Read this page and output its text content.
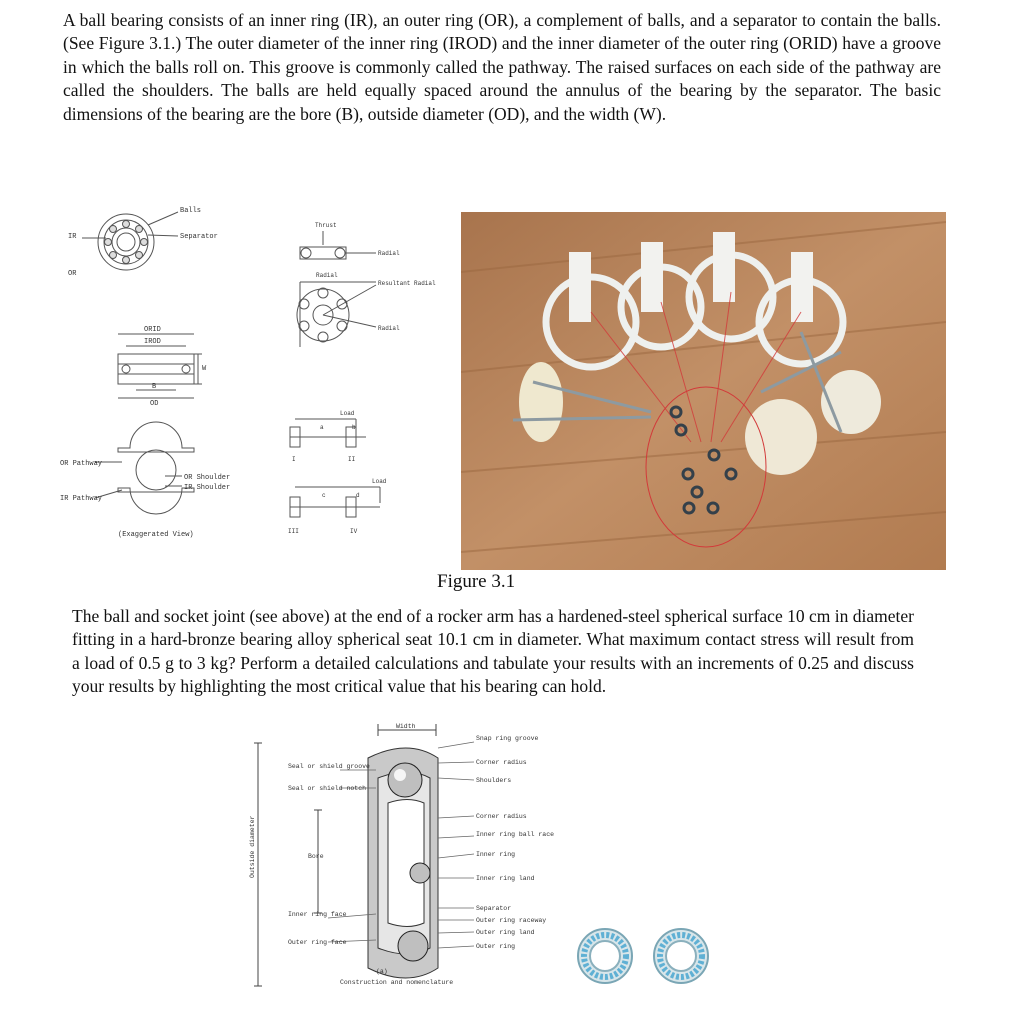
A ball bearing consists of an inner ring (IR), an outer ring (OR), a complement of balls, and a separator to contain the balls. (See Figure 3.1.) The outer diameter of the inner ring (IROD) and the inner diameter of the outer ring (ORID) have a groove in which the balls roll on. This groove is commonly called the pathway. The raised surfaces on each side of the pathway are called the shoulders. The balls are held equally spaced around the annulus of the bearing by the separator. The basic dimensions of the bearing are the bore (B), outside diameter (OD), and the width (W).

Balls
Separator
IR
OR
ORID
IROD
W
B
OD
OR Pathway
OR Shoulder
IR Shoulder
IR Pathway
(Exaggerated View)
Thrust
Radial
Radial
Resultant Radial
Radial
Load
a	b
I	II
Load
c	d
III	IV
Figure 3.1

The ball and socket joint (see above) at the end of a rocker arm has a hardened-steel spherical surface 10 cm in diameter fitting in a hard-bronze bearing alloy spherical seat 10.1 cm in diameter. What maximum contact stress will result from a load of 0.5 g to 3 kg? Perform a detailed calculations and tabulate your results with an increments of 0.25 and discuss your results by highlighting the most critical value that his bearing can hold.

Width
Snap ring groove
Corner radius
Shoulders
Corner radius
Inner ring ball race
Inner ring
Inner ring land
Separator
Outer ring raceway
Outer ring land
Outer ring
Seal or shield groove
Seal or shield notch
Bore
Inner ring face
Outer ring face
(a)
Construction and nomenclature
Outside diameter
